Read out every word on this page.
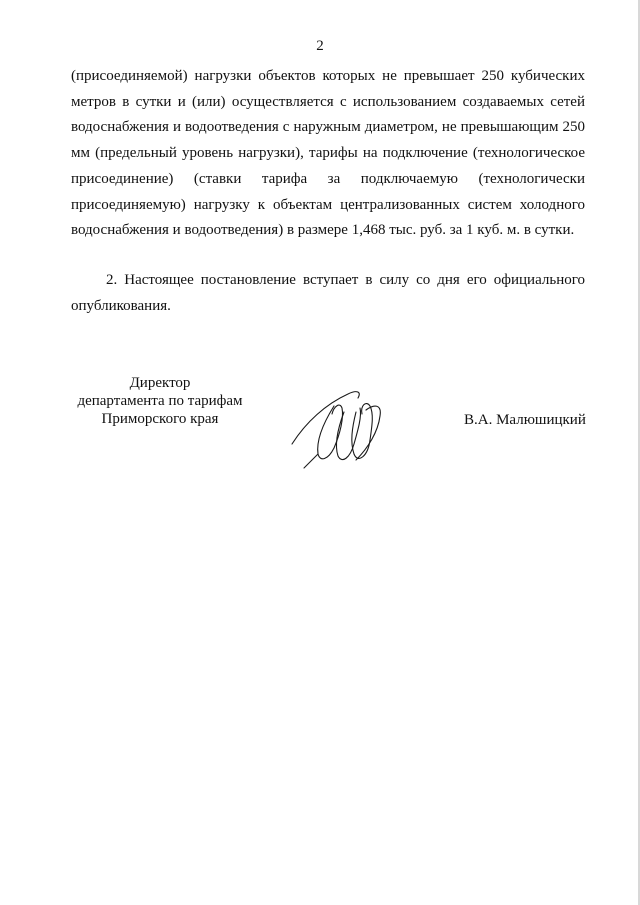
2

(присоединяемой) нагрузки объектов которых не превышает 250 кубических метров в сутки и (или) осуществляется с использованием создаваемых сетей водоснабжения и водоотведения с наружным диаметром, не превышающим 250 мм (предельный уровень нагрузки), тарифы на подключение (технологическое присоединение) (ставки тарифа за подключаемую (технологически присоединяемую) нагрузку к объектам централизованных систем холодного водоснабжения и водоотведения) в размере 1,468 тыс. руб. за 1 куб. м. в сутки.

2. Настоящее постановление вступает в силу со дня его официального опубликования.

Директор
департамента по тарифам
Приморского края	В.А. Малюшицкий
